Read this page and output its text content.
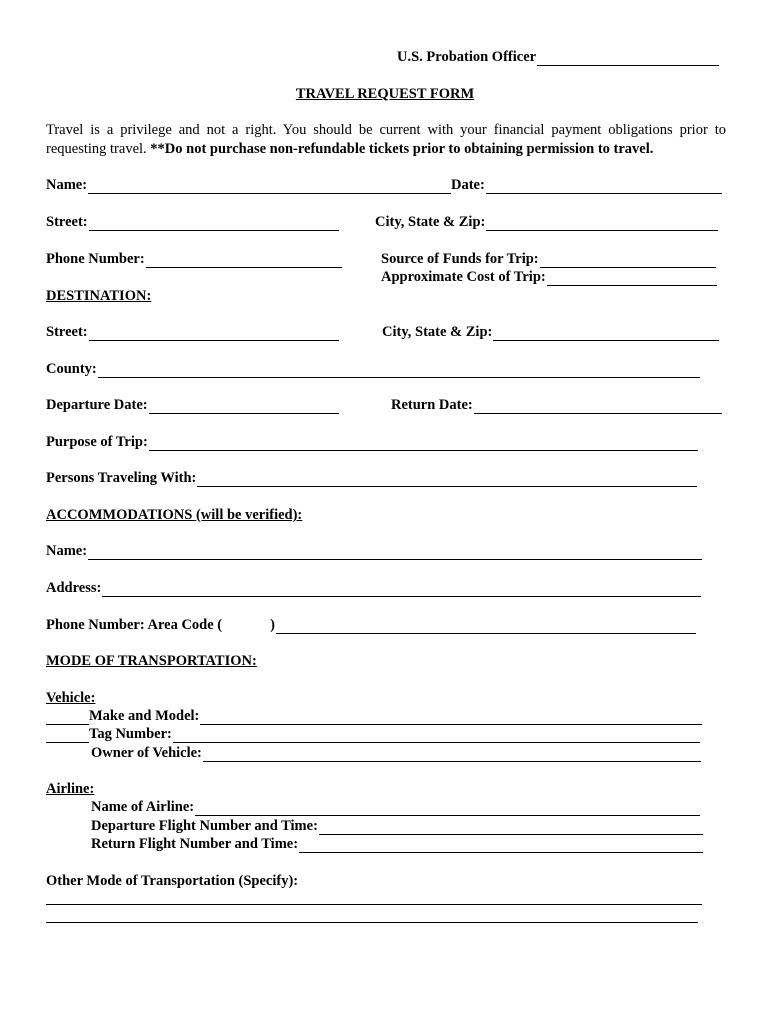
U.S. Probation Officer
TRAVEL REQUEST FORM
Travel is a privilege and not a right. You should be current with your financial payment obligations prior to requesting travel. **Do not purchase non-refundable tickets prior to obtaining permission to travel.
Name:	Date:
Street:	City, State & Zip:
Phone Number:	Source of Funds for Trip:
Approximate Cost of Trip:
DESTINATION:
Street:	City, State & Zip:
County:
Departure Date:	Return Date:
Purpose of Trip:
Persons Traveling With:
ACCOMMODATIONS (will be verified):
Name:
Address:
Phone Number: Area Code (	)
MODE OF TRANSPORTATION:
Vehicle:
Make and Model:
Tag Number:
Owner of Vehicle:
Airline:
Name of Airline:
Departure Flight Number and Time:
Return Flight Number and Time:
Other Mode of Transportation (Specify):
